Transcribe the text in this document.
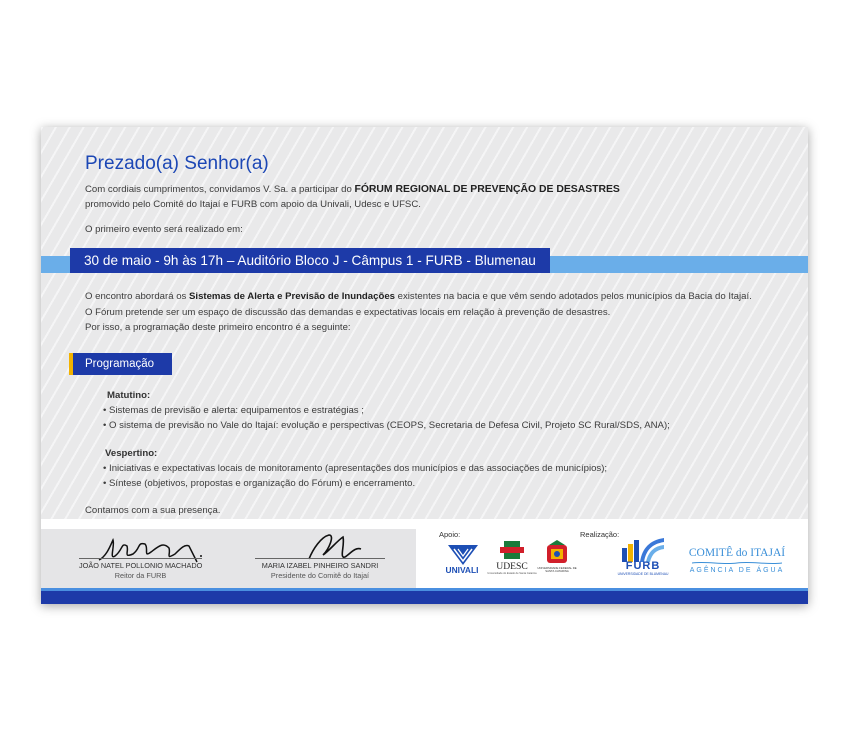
Prezado(a) Senhor(a)

Com cordiais cumprimentos, convidamos V. Sa. a participar do FÓRUM REGIONAL DE PREVENÇÃO DE DESASTRES

promovido pelo Comitê do Itajaí e FURB com apoio da Univali, Udesc e UFSC.

O primeiro evento será realizado em:

30 de maio - 9h às 17h – Auditório Bloco J - Câmpus 1 - FURB - Blumenau

O encontro abordará os Sistemas de Alerta e Previsão de Inundações existentes na bacia e que vêm sendo adotados pelos municípios da Bacia do Itajaí.

O Fórum pretende ser um espaço de discussão das demandas e expectativas locais em relação à prevenção de desastres.

Por isso, a programação deste primeiro encontro é a seguinte:

Programação

Matutino:

• Sistemas de previsão e alerta: equipamentos e estratégias ;

• O sistema de previsão no Vale do Itajaí: evolução e perspectivas (CEOPS, Secretaria de Defesa Civil, Projeto SC Rural/SDS, ANA);

Vespertino:

• Iniciativas e expectativas locais de monitoramento (apresentações dos municípios e das associações de municípios);

• Síntese (objetivos, propostas e organização do Fórum) e encerramento.

Contamos com a sua presença.

JOÃO NATEL POLLONIO MACHADO
Reitor da FURB
MARIA IZABEL PINHEIRO SANDRI
Presidente do Comitê do Itajaí
Apoio:
UNIVALI	UDESC
Universidade do Estado de Santa Catarina
UNIVERSIDADE FEDERAL DE SANTA CATARINA
Realização:
FURB
UNIVERSIDADE DE BLUMENAU
COMITÊ do ITAJAÍ
AGÊNCIA DE ÁGUA
